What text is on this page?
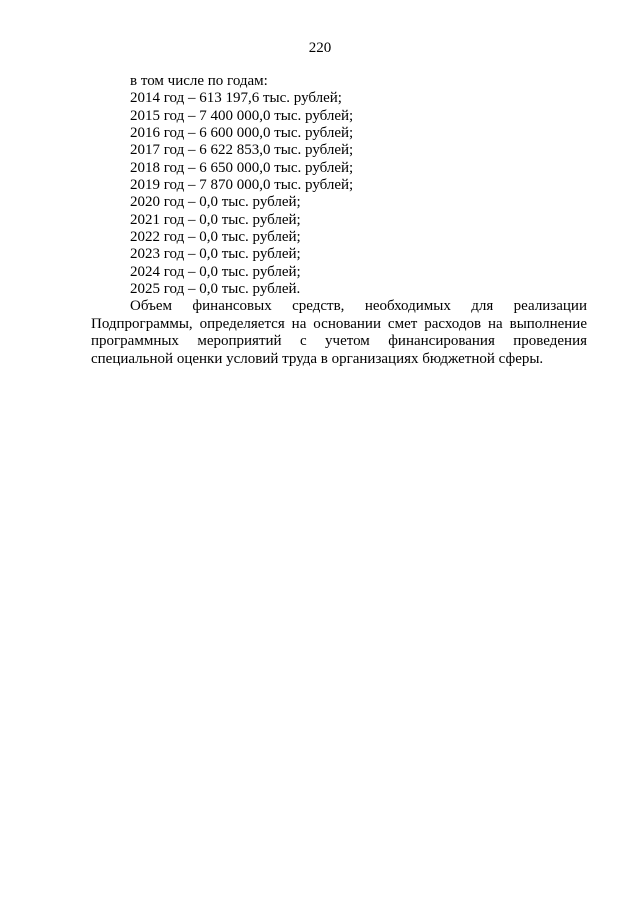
220
в том числе по годам:
2014 год – 613 197,6 тыс. рублей;
2015 год – 7 400 000,0 тыс. рублей;
2016 год – 6 600 000,0 тыс. рублей;
2017 год – 6 622 853,0 тыс. рублей;
2018 год – 6 650 000,0 тыс. рублей;
2019 год – 7 870 000,0 тыс. рублей;
2020 год – 0,0 тыс. рублей;
2021 год – 0,0 тыс. рублей;
2022 год – 0,0 тыс. рублей;
2023 год – 0,0 тыс. рублей;
2024 год – 0,0 тыс. рублей;
2025 год – 0,0 тыс. рублей.

Объем финансовых средств, необходимых для реализации Подпрограммы, определяется на основании смет расходов на выполнение программных мероприятий с учетом финансирования проведения специальной оценки условий труда в организациях бюджетной сферы.
